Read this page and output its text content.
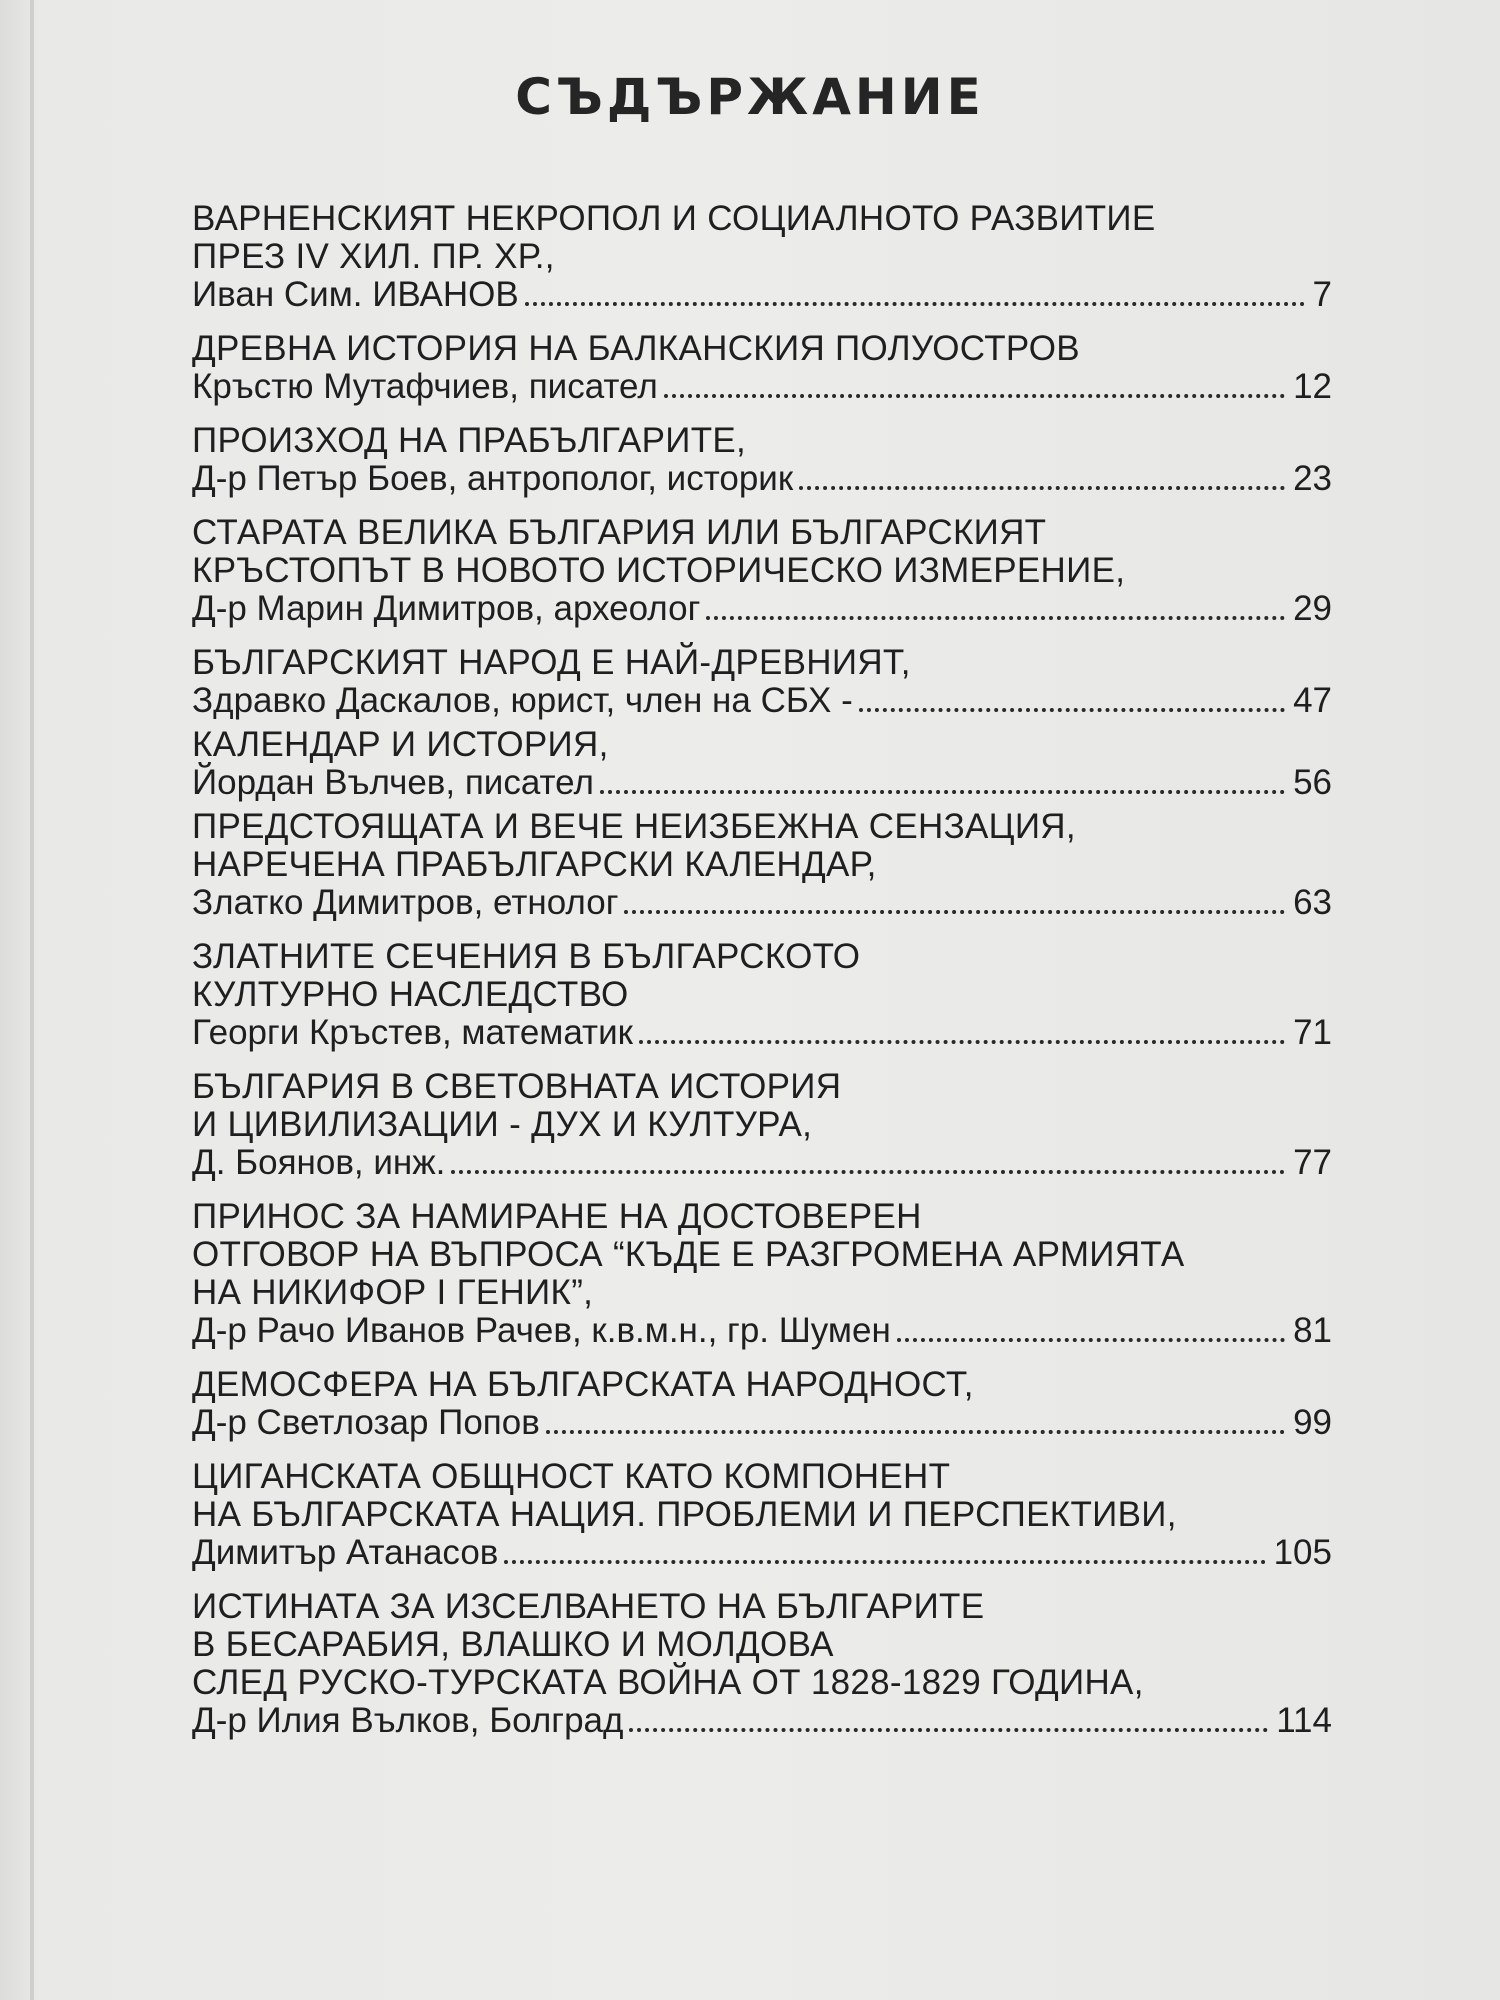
СЪДЪРЖАНИЕ
ВАРНЕНСКИЯТ НЕКРОПОЛ И СОЦИАЛНОТО РАЗВИТИЕ
ПРЕЗ IV ХИЛ. ПР. ХР.,
Иван Сим. ИВАНОВ	7
ДРЕВНА ИСТОРИЯ НА БАЛКАНСКИЯ ПОЛУОСТРОВ
Кръстю Мутафчиев, писател	12
ПРОИЗХОД НА ПРАБЪЛГАРИТЕ,
Д-р Петър Боев, антрополог, историк	23
СТАРАТА ВЕЛИКА БЪЛГАРИЯ ИЛИ БЪЛГАРСКИЯТ
КРЪСТОПЪТ В НОВОТО ИСТОРИЧЕСКО ИЗМЕРЕНИЕ,
Д-р Марин Димитров, археолог	29
БЪЛГАРСКИЯТ НАРОД Е НАЙ-ДРЕВНИЯТ,
Здравко Даскалов, юрист, член на СБХ -	47
КАЛЕНДАР И ИСТОРИЯ,
Йордан Вълчев, писател	56
ПРЕДСТОЯЩАТА И ВЕЧЕ НЕИЗБЕЖНА СЕНЗАЦИЯ,
НАРЕЧЕНА ПРАБЪЛГАРСКИ КАЛЕНДАР,
Златко Димитров, етнолог	63
ЗЛАТНИТЕ СЕЧЕНИЯ В БЪЛГАРСКОТО
КУЛТУРНО НАСЛЕДСТВО
Георги Кръстев, математик	71
БЪЛГАРИЯ В СВЕТОВНАТА ИСТОРИЯ
И ЦИВИЛИЗАЦИИ - ДУХ И КУЛТУРА,
Д. Боянов, инж.	77
ПРИНОС ЗА НАМИРАНЕ НА ДОСТОВЕРЕН
ОТГОВОР НА ВЪПРОСА “КЪДЕ Е РАЗГРОМЕНА АРМИЯТА
НА НИКИФОР I ГЕНИК”,
Д-р Рачо Иванов Рачев, к.в.м.н., гр. Шумен	81
ДЕМОСФЕРА НА БЪЛГАРСКАТА НАРОДНОСТ,
Д-р Светлозар Попов	99
ЦИГАНСКАТА ОБЩНОСТ КАТО КОМПОНЕНТ
НА БЪЛГАРСКАТА НАЦИЯ. ПРОБЛЕМИ И ПЕРСПЕКТИВИ,
Димитър Атанасов	105
ИСТИНАТА ЗА ИЗСЕЛВАНЕТО НА БЪЛГАРИТЕ
В БЕСАРАБИЯ, ВЛАШКО И МОЛДОВА
СЛЕД РУСКО-ТУРСКАТА ВОЙНА ОТ 1828-1829 ГОДИНА,
Д-р Илия Вълков, Болград	114
